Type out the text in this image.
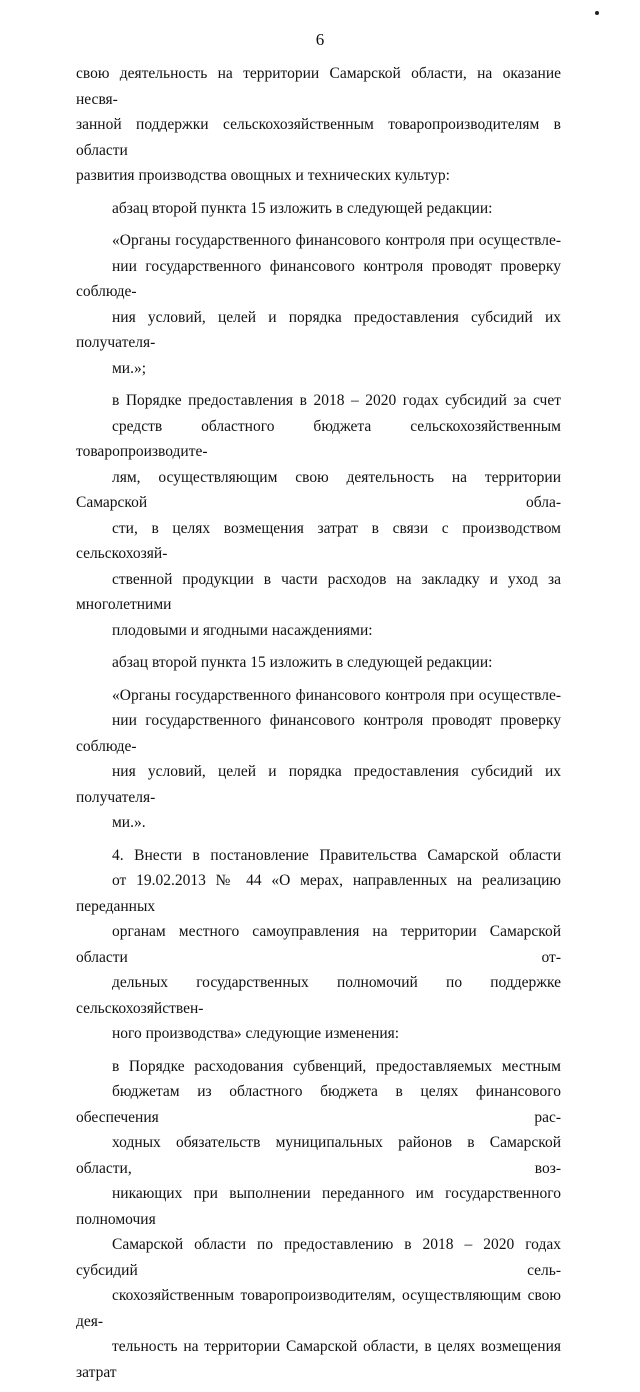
6

свою деятельность на территории Самарской области, на оказание несвя-
занной поддержки сельскохозяйственным товаропроизводителям в области
развития производства овощных и технических культур:

абзац второй пункта 15 изложить в следующей редакции:

«Органы государственного финансового контроля при осуществле-
нии государственного финансового контроля проводят проверку соблюде-
ния условий, целей и порядка предоставления субсидий их получателя-
ми.»;

в Порядке предоставления в 2018 – 2020 годах субсидий за счет
средств областного бюджета сельскохозяйственным товаропроизводите-
лям, осуществляющим свою деятельность на территории Самарской обла-
сти, в целях возмещения затрат в связи с производством сельскохозяй-
ственной продукции в части расходов на закладку и уход за многолетними
плодовыми и ягодными насаждениями:

абзац второй пункта 15 изложить в следующей редакции:

«Органы государственного финансового контроля при осуществле-
нии государственного финансового контроля проводят проверку соблюде-
ния условий, целей и порядка предоставления субсидий их получателя-
ми.».

4. Внести в постановление Правительства Самарской области
от 19.02.2013 № 44 «О мерах, направленных на реализацию переданных
органам местного самоуправления на территории Самарской области от-
дельных государственных полномочий по поддержке сельскохозяйствен-
ного производства» следующие изменения:

в Порядке расходования субвенций, предоставляемых местным
бюджетам из областного бюджета в целях финансового обеспечения рас-
ходных обязательств муниципальных районов в Самарской области, воз-
никающих при выполнении переданного им государственного полномочия
Самарской области по предоставлению в 2018 – 2020 годах субсидий сель-
скохозяйственным товаропроизводителям, осуществляющим свою дея-
тельность на территории Самарской области, в целях возмещения затрат
